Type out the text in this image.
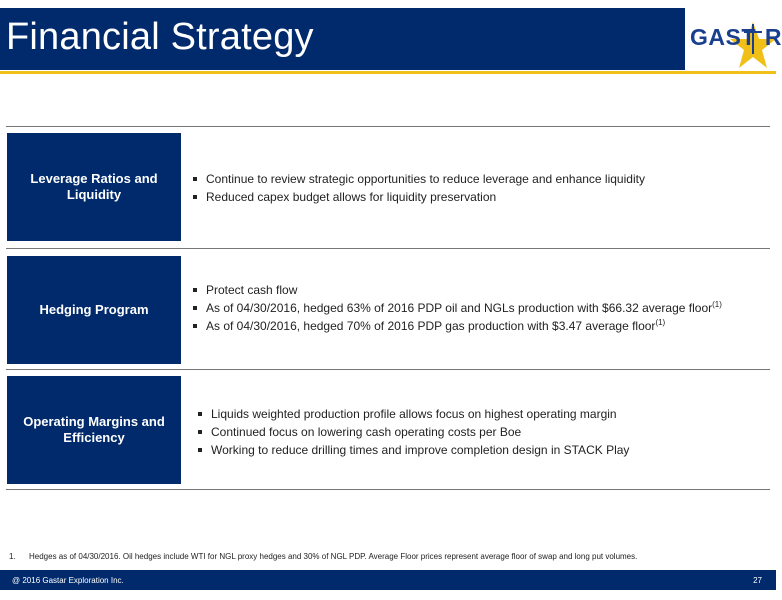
Financial Strategy	GAST R
Leverage Ratios and Liquidity
Continue to review strategic opportunities to reduce leverage and enhance liquidity
Reduced capex budget allows for liquidity preservation
Hedging Program
Protect cash flow
As of 04/30/2016, hedged 63% of 2016 PDP oil and NGLs production with $66.32 average floor$^{(1)}$
As of 04/30/2016, hedged 70% of 2016 PDP gas production with $3.47 average floor$^{(1)}$
Operating Margins and Efficiency
Liquids weighted production profile allows focus on highest operating margin
Continued focus on lowering cash operating costs per Boe
Working to reduce drilling times and improve completion design in STACK Play
1. Hedges as of 04/30/2016. Oil hedges include WTI for NGL proxy hedges and 30% of NGL PDP. Average Floor prices represent average floor of swap and long put volumes.
@ 2016 Gastar Exploration Inc.	27
